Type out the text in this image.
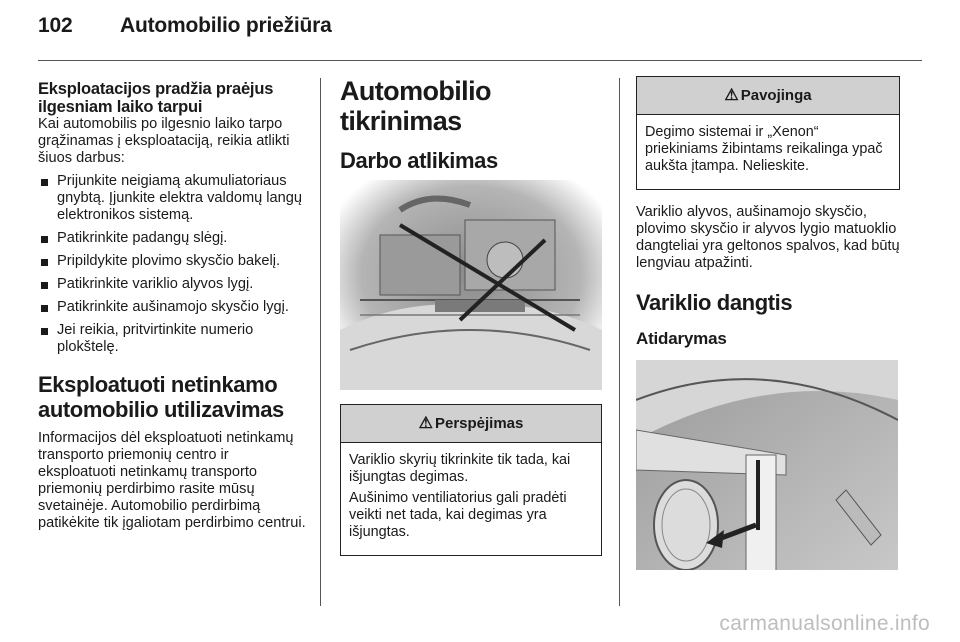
102 Automobilio priežiūra
Eksploatacijos pradžia praėjus ilgesniam laiko tarpui

Kai automobilis po ilgesnio laiko tarpo grąžinamas į eksploataciją, reikia atlikti šiuos darbus:

Prijunkite neigiamą akumuliatoriaus gnybtą. Įjunkite elektra valdomų langų elektronikos sistemą.
Patikrinkite padangų slėgį.
Pripildykite plovimo skysčio bakelį.
Patikrinkite variklio alyvos lygį.
Patikrinkite aušinamojo skysčio lygį.
Jei reikia, pritvirtinkite numerio plokštelę.
Eksploatuoti netinkamo automobilio utilizavimas

Informacijos dėl eksploatuoti netinkamų transporto priemonių centro ir eksploatuoti netinkamų transporto priemonių perdirbimo rasite mūsų svetainėje. Automobilio perdirbimą patikėkite tik įgaliotam perdirbimo centrui.

Automobilio tikrinimas
Darbo atlikimas
⚠ Perspėjimas

Variklio skyrių tikrinkite tik tada, kai išjungtas degimas.

Aušinimo ventiliatorius gali pradėti veikti net tada, kai degimas yra išjungtas.

⚠ Pavojinga

Degimo sistemai ir „Xenon“ priekiniams žibintams reikalinga ypač aukšta įtampa. Nelieskite.

Variklio alyvos, aušinamojo skysčio, plovimo skysčio ir alyvos lygio matuoklio dangteliai yra geltonos spalvos, kad būtų lengviau atpažinti.

Variklio dangtis
Atidarymas
carmanualsonline.info
